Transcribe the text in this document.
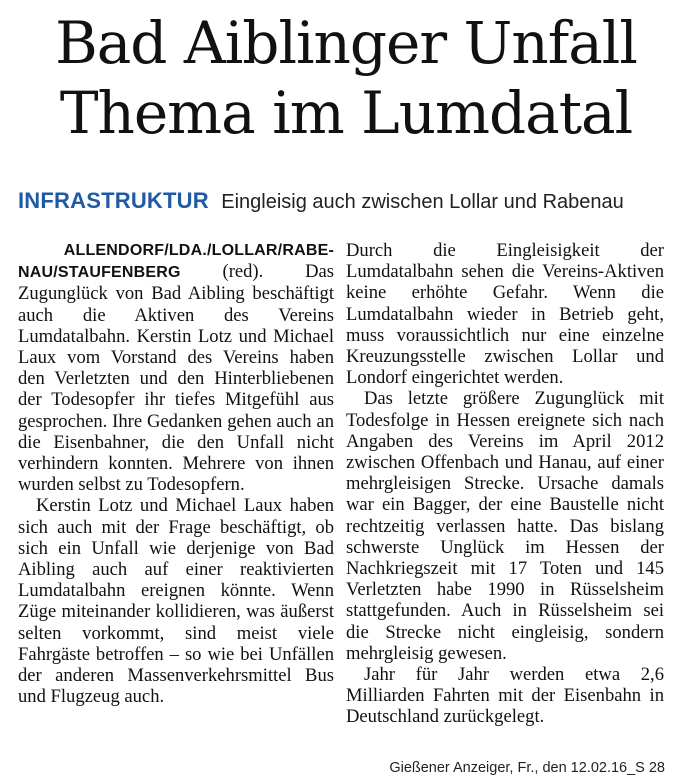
Bad Aiblinger Unfall
Thema im Lumdatal
INFRASTRUKTUR Eingleisig auch zwischen Lollar und Rabenau

ALLENDORF/LDA./LOLLAR/RABE-
NAU/STAUFENBERG (red). Das Zugunglück von Bad Aibling beschäftigt auch die Aktiven des Vereins Lumdatalbahn. Kerstin Lotz und Michael Laux vom Vorstand des Vereins haben den Verletzten und den Hinterbliebenen der Todesopfer ihr tiefes Mitgefühl aus gesprochen. Ihre Gedanken gehen auch an die Eisenbahner, die den Unfall nicht verhindern konnten. Mehrere von ihnen wurden selbst zu Todesopfern.

Kerstin Lotz und Michael Laux haben sich auch mit der Frage beschäftigt, ob sich ein Unfall wie derjenige von Bad Aibling auch auf einer reaktivierten Lumdatalbahn ereignen könnte. Wenn Züge miteinander kollidieren, was äußerst selten vorkommt, sind meist viele Fahrgäste betroffen – so wie bei Unfällen der anderen Massenverkehrsmittel Bus und Flugzeug auch.

Durch die Eingleisigkeit der Lumdatalbahn sehen die Vereins-Aktiven keine erhöhte Gefahr. Wenn die Lumdatalbahn wieder in Betrieb geht, muss voraussichtlich nur eine einzelne Kreuzungsstelle zwischen Lollar und Londorf eingerichtet werden.

Das letzte größere Zugunglück mit Todesfolge in Hessen ereignete sich nach Angaben des Vereins im April 2012 zwischen Offenbach und Hanau, auf einer mehrgleisigen Strecke. Ursache damals war ein Bagger, der eine Baustelle nicht rechtzeitig verlassen hatte. Das bislang schwerste Unglück im Hessen der Nachkriegszeit mit 17 Toten und 145 Verletzten habe 1990 in Rüsselsheim stattgefunden. Auch in Rüsselsheim sei die Strecke nicht eingleisig, sondern mehrgleisig gewesen.

Jahr für Jahr werden etwa 2,6 Milliarden Fahrten mit der Eisenbahn in Deutschland zurückgelegt.

Gießener Anzeiger, Fr., den 12.02.16_S 28
